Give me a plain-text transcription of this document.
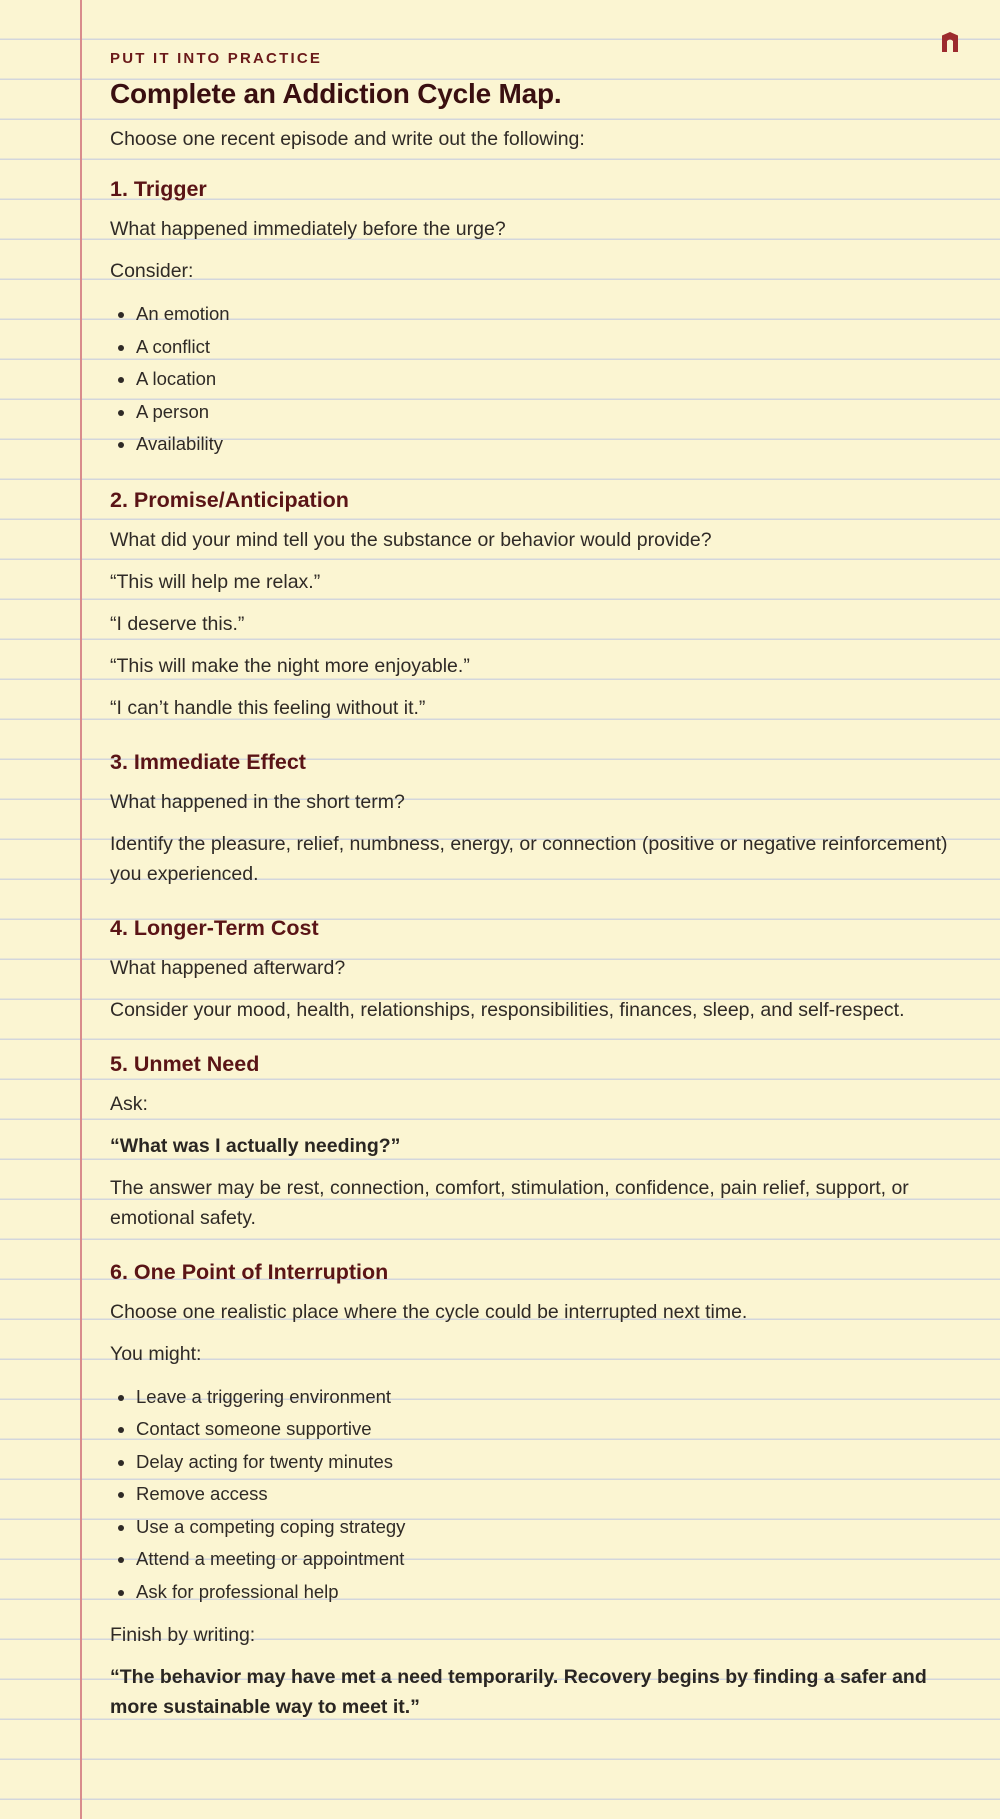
PUT IT INTO PRACTICE
Complete an Addiction Cycle Map.

Choose one recent episode and write out the following:

1. Trigger

What happened immediately before the urge?

Consider:

• An emotion
• A conflict
• A location
• A person
• Availability
2. Promise/Anticipation

What did your mind tell you the substance or behavior would provide?

“This will help me relax.”

“I deserve this.”

“This will make the night more enjoyable.”

“I can’t handle this feeling without it.”

3. Immediate Effect

What happened in the short term?

Identify the pleasure, relief, numbness, energy, or connection (positive or negative reinforcement) you experienced.

4. Longer-Term Cost

What happened afterward?

Consider your mood, health, relationships, responsibilities, finances, sleep, and self-respect.

5. Unmet Need

Ask:

“What was I actually needing?”

The answer may be rest, connection, comfort, stimulation, confidence, pain relief, support, or emotional safety.

6. One Point of Interruption

Choose one realistic place where the cycle could be interrupted next time.

You might:

• Leave a triggering environment
• Contact someone supportive
• Delay acting for twenty minutes
• Remove access
• Use a competing coping strategy
• Attend a meeting or appointment
• Ask for professional help

Finish by writing:

“The behavior may have met a need temporarily. Recovery begins by finding a safer and more sustainable way to meet it.”
